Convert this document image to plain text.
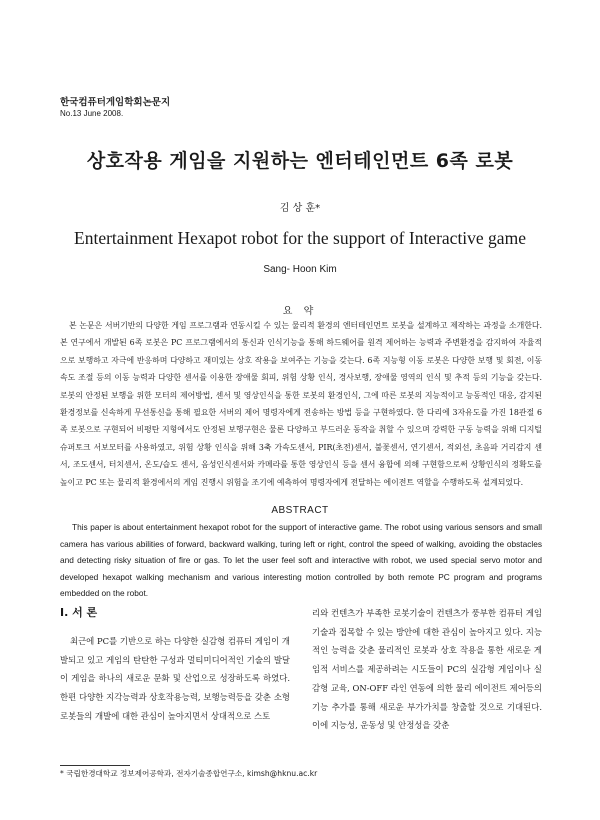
한국컴퓨터게임학회논문지
No.13 June 2008.
상호작용 게임을 지원하는 엔터테인먼트 6족 로봇
김 상 훈*
Entertainment Hexapot robot for the support of Interactive game
Sang- Hoon Kim
요 약
본 논문은 서버기반의 다양한 게임 프로그램과 연동시킬 수 있는 물리적 환경의 엔터테인먼트 로봇을 설계하고 제작하는 과정을 소개한다. 본 연구에서 개발된 6족 로봇은 PC 프로그램에서의 통신과 인식기능을 통해 하드웨어를 원격 제어하는 능력과 주변환경을 감지하여 자율적으로 보행하고 자극에 반응하며 다양하고 재미있는 상호 작용을 보여주는 기능을 갖는다. 6족 지능형 이동 로봇은 다양한 보행 및 회전, 이동 속도 조절 등의 이동 능력과 다양한 센서를 이용한 장애물 회피, 위험 상황 인식, 경사보행, 장애물 영역의 인식 및 추적 등의 기능을 갖는다. 로봇의 안정된 보행을 위한 모터의 제어방법, 센서 및 영상인식을 통한 로봇의 환경인식, 그에 따른 로봇의 지능적이고 능동적인 대응, 감지된 환경정보를 신속하게 무선통신을 통해 필요한 서버의 제어 명령자에게 전송하는 방법 등을 구현하였다. 한 다리에 3자유도를 가진 18관절 6족 로봇으로 구현되어 비평탄 지형에서도 안정된 보행구현은 물론 다양하고 부드러운 동작을 취할 수 있으며 강력한 구동 능력을 위해 디지털 슈퍼토크 서보모터를 사용하였고, 위험 상황 인식을 위해 3축 가속도센서, PIR(초전)센서, 불꽃센서, 연기센서, 적외선, 초음파 거리감지 센서, 조도센서, 터치센서, 온도/습도 센서, 음성인식센서와 카메라를 통한 영상인식 등을 센서 융합에 의해 구현함으로써 상황인식의 정확도를 높이고 PC 또는 물리적 환경에서의 게임 진행시 위험을 조기에 예측하여 명령자에게 전달하는 에이전트 역할을 수행하도록 설계되었다.
ABSTRACT
This paper is about entertainment hexapot robot for the support of interactive game. The robot using various sensors and small camera has various abilities of forward, backward walking, turing left or right, control the speed of walking, avoiding the obstacles and detecting risky situation of fire or gas. To let the user feel soft and interactive with robot, we used special servo motor and developed hexapot walking mechanism and various interesting motion controlled by both remote PC program and programs embedded on the robot.
Ⅰ. 서 론
최근에 PC를 기반으로 하는 다양한 실감형 컴퓨터 게임이 개발되고 있고 게임의 탄탄한 구성과 멀티미디어적인 기술의 발달이 게임을 하나의 새로운 문화 및 산업으로 성장하도록 하였다. 한편 다양한 지각능력과 상호작용능력, 보행능력등을 갖춘 소형 로봇들의 개발에 대한 관심이 높아지면서 상대적으로 스토
리와 컨텐츠가 부족한 로봇기술이 컨텐츠가 풍부한 컴퓨터 게임기술과 접목할 수 있는 방안에 대한 관심이 높아지고 있다. 지능적인 능력을 갖춘 물리적인 로봇과 상호 작용을 통한 새로운 게임적 서비스를 제공하려는 시도들이 PC의 실감형 게임이나 실감형 교육, ON-OFF 라인 연동에 의한 물리 에이전트 제어등의 기능 추가를 통해 새로운 부가가치를 창출할 것으로 기대된다. 이에 지능성, 운동성 및 안정성을 갖춘
* 국립한경대학교 정보제어공학과, 전자기술종합연구소, kimsh@hknu.ac.kr
